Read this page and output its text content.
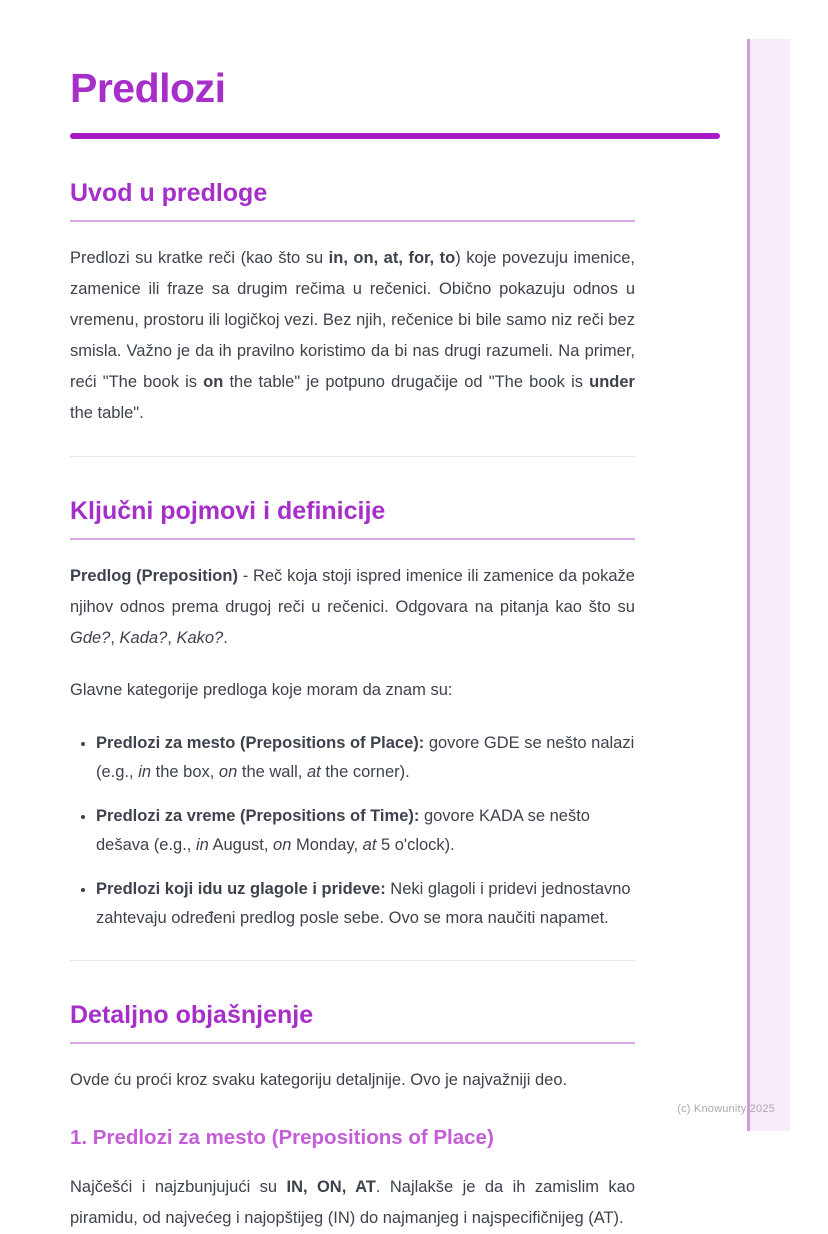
Predlozi
Uvod u predloge

Predlozi su kratke reči (kao što su in, on, at, for, to) koje povezuju imenice, zamenice ili fraze sa drugim rečima u rečenici. Obično pokazuju odnos u vremenu, prostoru ili logičkoj vezi. Bez njih, rečenice bi bile samo niz reči bez smisla. Važno je da ih pravilno koristimo da bi nas drugi razumeli. Na primer, reći "The book is on the table" je potpuno drugačije od "The book is under the table".

Ključni pojmovi i definicije

Predlog (Preposition) - Reč koja stoji ispred imenice ili zamenice da pokaže njihov odnos prema drugoj reči u rečenici. Odgovara na pitanja kao što su Gde?, Kada?, Kako?.

Glavne kategorije predloga koje moram da znam su:

• Predlozi za mesto (Prepositions of Place): govore GDE se nešto nalazi (e.g., in the box, on the wall, at the corner).
• Predlozi za vreme (Prepositions of Time): govore KADA se nešto dešava (e.g., in August, on Monday, at 5 o'clock).
• Predlozi koji idu uz glagole i prideve: Neki glagoli i pridevi jednostavno zahtevaju određeni predlog posle sebe. Ovo se mora naučiti napamet.
Detaljno objašnjenje

Ovde ću proći kroz svaku kategoriju detaljnije. Ovo je najvažniji deo.

1. Predlozi za mesto (Prepositions of Place)

Najčešći i najzbunjujući su IN, ON, AT. Najlakše je da ih zamislim kao piramidu, od najvećeg i najopštijeg (IN) do najmanjeg i najspecifičnijeg (AT).

(c) Knowunity 2025
